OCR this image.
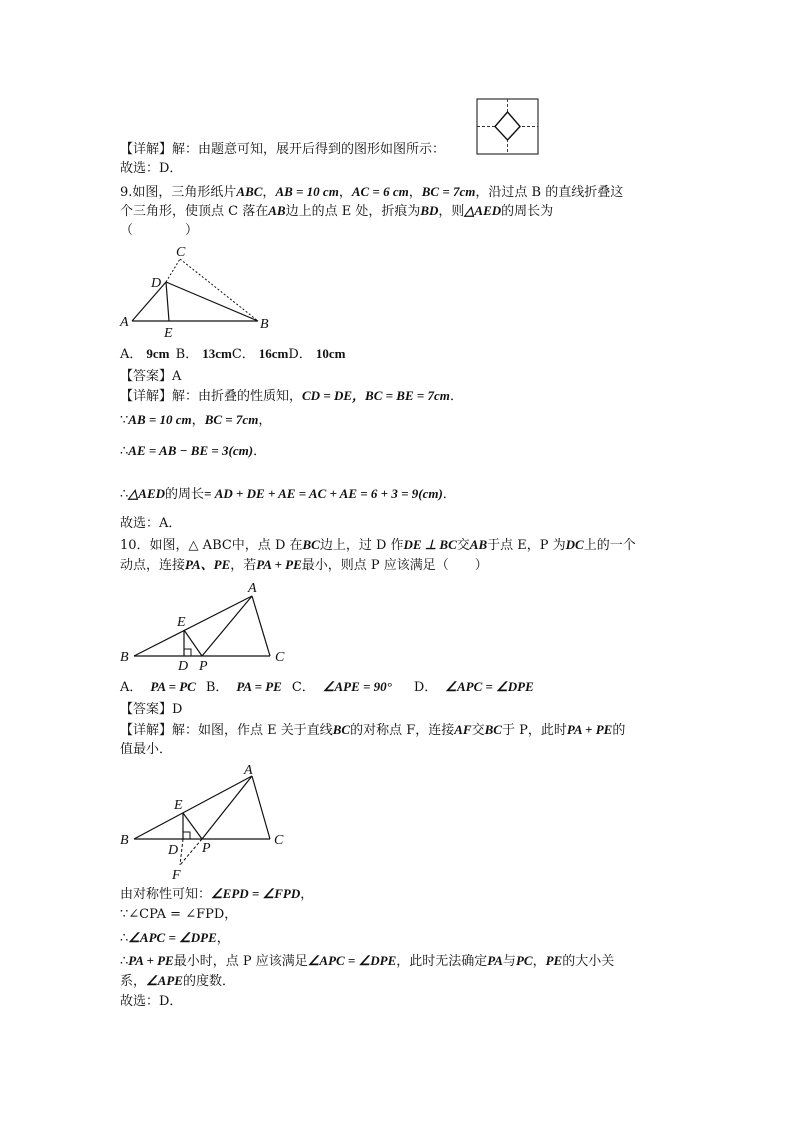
【详解】解：由题意可知，展开后得到的图形如图所示：
故选：D．
9.如图，三角形纸片ABC，AB = 10 cm，AC = 6 cm，BC = 7cm，沿过点 B 的直线折叠这
个三角形，使顶点 C 落在AB边上的点 E 处，折痕为BD，则△AED的周长为
（　　　　）
A	B
C
D
E
A． 9cm B． 13cmC． 16cmD． 10cm
【答案】A
【详解】解：由折叠的性质知，CD = DE，BC = BE = 7cm．
∵AB = 10 cm，BC = 7cm，
∴AE = AB − BE = 3(cm)．
∴△AED的周长= AD + DE + AE = AC + AE = 6 + 3 = 9(cm)．
故选：A．
10．如图，△ ABC中，点 D 在BC边上，过 D 作DE ⊥ BC交AB于点 E，P 为DC上的一个
动点，连接PA、PE，若PA + PE最小，则点 P 应该满足（　　）
A
B	C
D
E
P
A． PA = PC B． PA = PE C． ∠APE = 90° D． ∠APC = ∠DPE
【答案】D
【详解】解：如图，作点 E 关于直线BC的对称点 F，连接AF交BC于 P，此时PA + PE的
值最小．
A
B	C
D
E
P
F
由对称性可知：∠EPD = ∠FPD，
∵∠CPA = ∠FPD，
∴∠APC = ∠DPE，
∴PA + PE最小时，点 P 应该满足∠APC = ∠DPE，此时无法确定PA与PC，PE的大小关
系，∠APE的度数．
故选：D．
